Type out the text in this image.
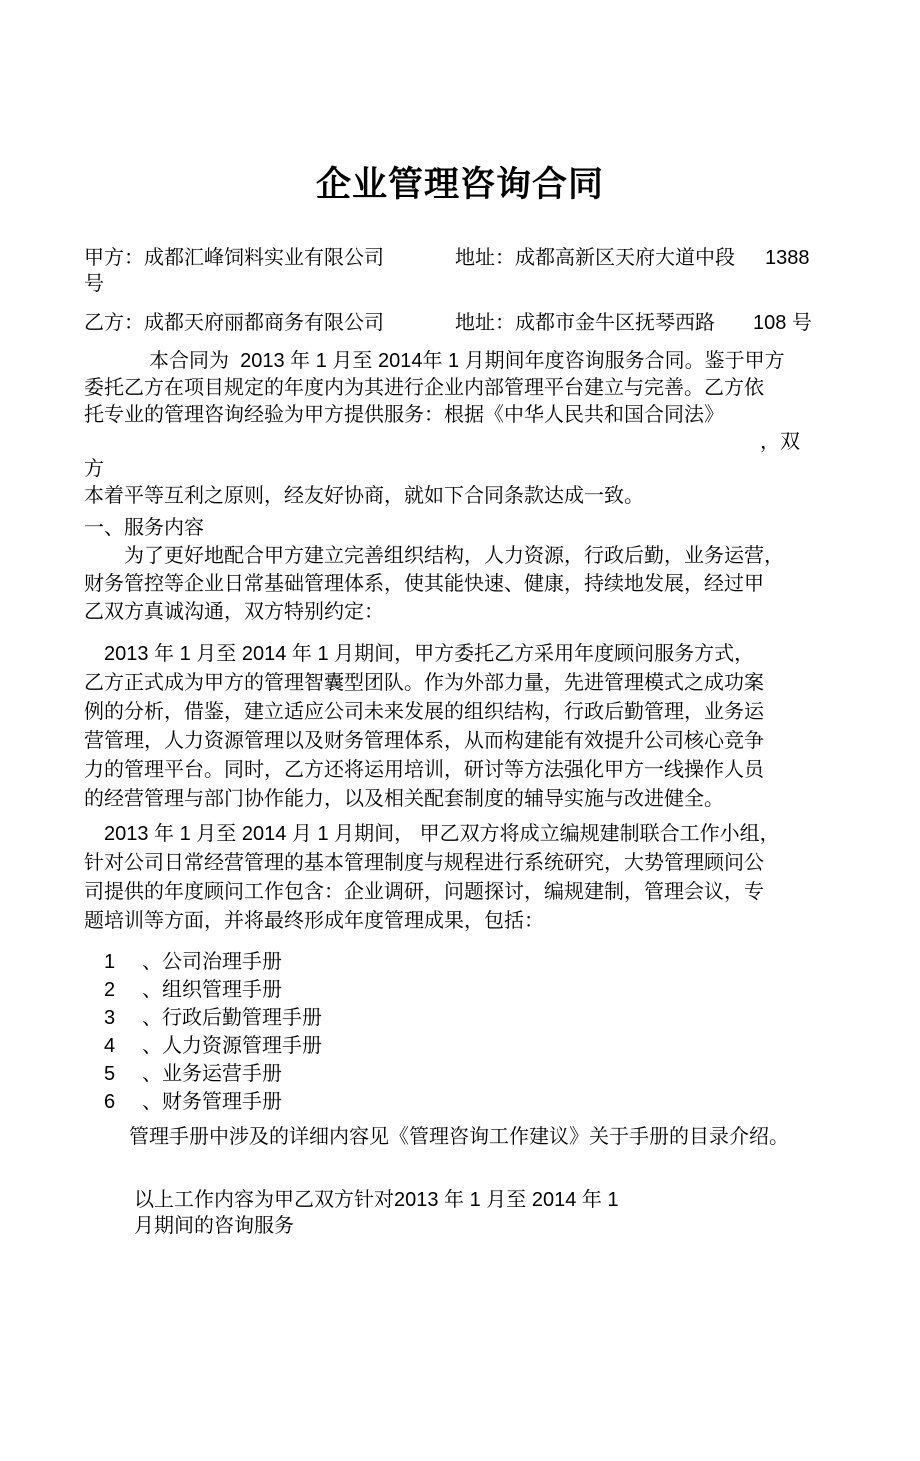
企业管理咨询合同
甲方：成都汇峰饲料实业有限公司	地址：成都高新区天府大道中段 1388
号
乙方：成都天府丽都商务有限公司	地址：成都市金牛区抚琴西路 108 号
本合同为  2013 年 1 月至 2014年 1 月期间年度咨询服务合同。鉴于甲方
委托乙方在项目规定的年度内为其进行企业内部管理平台建立与完善。乙方依
托专业的管理咨询经验为甲方提供服务：根据《中华人民共和国合同法》
，双
方
本着平等互利之原则，经友好协商，就如下合同条款达成一致。
一、服务内容
为了更好地配合甲方建立完善组织结构，人力资源，行政后勤，业务运营，
财务管控等企业日常基础管理体系，使其能快速、健康，持续地发展，经过甲
乙双方真诚沟通，双方特别约定：
2013 年 1 月至 2014 年 1 月期间，甲方委托乙方采用年度顾问服务方式，
乙方正式成为甲方的管理智囊型团队。作为外部力量，先进管理模式之成功案
例的分析，借鉴，建立适应公司未来发展的组织结构，行政后勤管理，业务运
营管理，人力资源管理以及财务管理体系，从而构建能有效提升公司核心竞争
力的管理平台。同时，乙方还将运用培训，研讨等方法强化甲方一线操作人员
的经营管理与部门协作能力，以及相关配套制度的辅导实施与改进健全。
2013 年 1 月至 2014 月 1 月期间， 甲乙双方将成立编规建制联合工作小组，
针对公司日常经营管理的基本管理制度与规程进行系统研究，大势管理顾问公
司提供的年度顾问工作包含：企业调研，问题探讨，编规建制，管理会议，专
题培训等方面，并将最终形成年度管理成果，包括：
1 、公司治理手册
2 、组织管理手册
3 、行政后勤管理手册
4 、人力资源管理手册
5 、业务运营手册
6 、财务管理手册
管理手册中涉及的详细内容见《管理咨询工作建议》关于手册的目录介绍。
以上工作内容为甲乙双方针对2013 年 1 月至 2014 年 1
月期间的咨询服务
